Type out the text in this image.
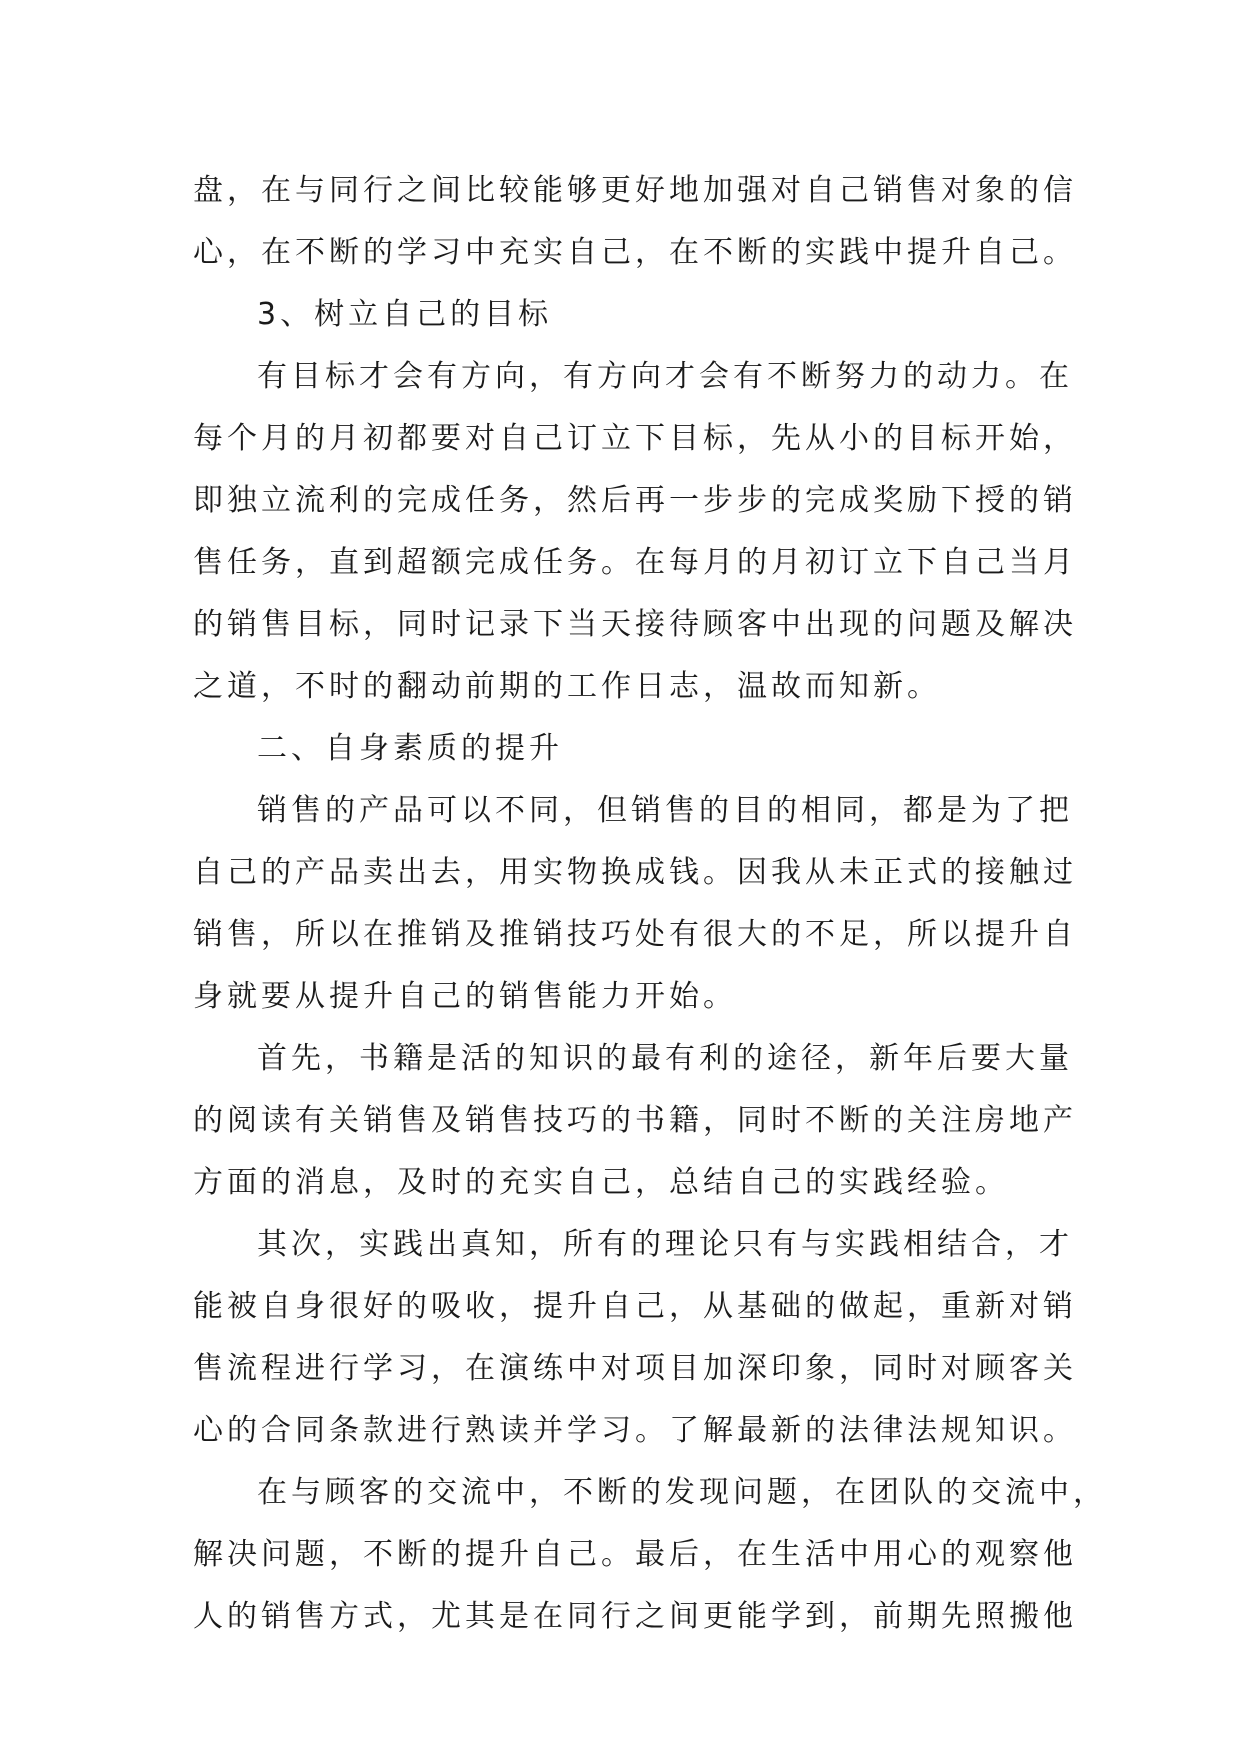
盘，在与同行之间比较能够更好地加强对自己销售对象的信
心，在不断的学习中充实自己，在不断的实践中提升自己。
3、树立自己的目标
有目标才会有方向，有方向才会有不断努力的动力。在
每个月的月初都要对自己订立下目标，先从小的目标开始，
即独立流利的完成任务，然后再一步步的完成奖励下授的销
售任务，直到超额完成任务。在每月的月初订立下自己当月
的销售目标，同时记录下当天接待顾客中出现的问题及解决
之道，不时的翻动前期的工作日志，温故而知新。
二、自身素质的提升
销售的产品可以不同，但销售的目的相同，都是为了把
自己的产品卖出去，用实物换成钱。因我从未正式的接触过
销售，所以在推销及推销技巧处有很大的不足，所以提升自
身就要从提升自己的销售能力开始。
首先，书籍是活的知识的最有利的途径，新年后要大量
的阅读有关销售及销售技巧的书籍，同时不断的关注房地产
方面的消息，及时的充实自己，总结自己的实践经验。
其次，实践出真知，所有的理论只有与实践相结合，才
能被自身很好的吸收，提升自己，从基础的做起，重新对销
售流程进行学习，在演练中对项目加深印象，同时对顾客关
心的合同条款进行熟读并学习。了解最新的法律法规知识。
在与顾客的交流中，不断的发现问题，在团队的交流中，
解决问题，不断的提升自己。最后，在生活中用心的观察他
人的销售方式，尤其是在同行之间更能学到，前期先照搬他
